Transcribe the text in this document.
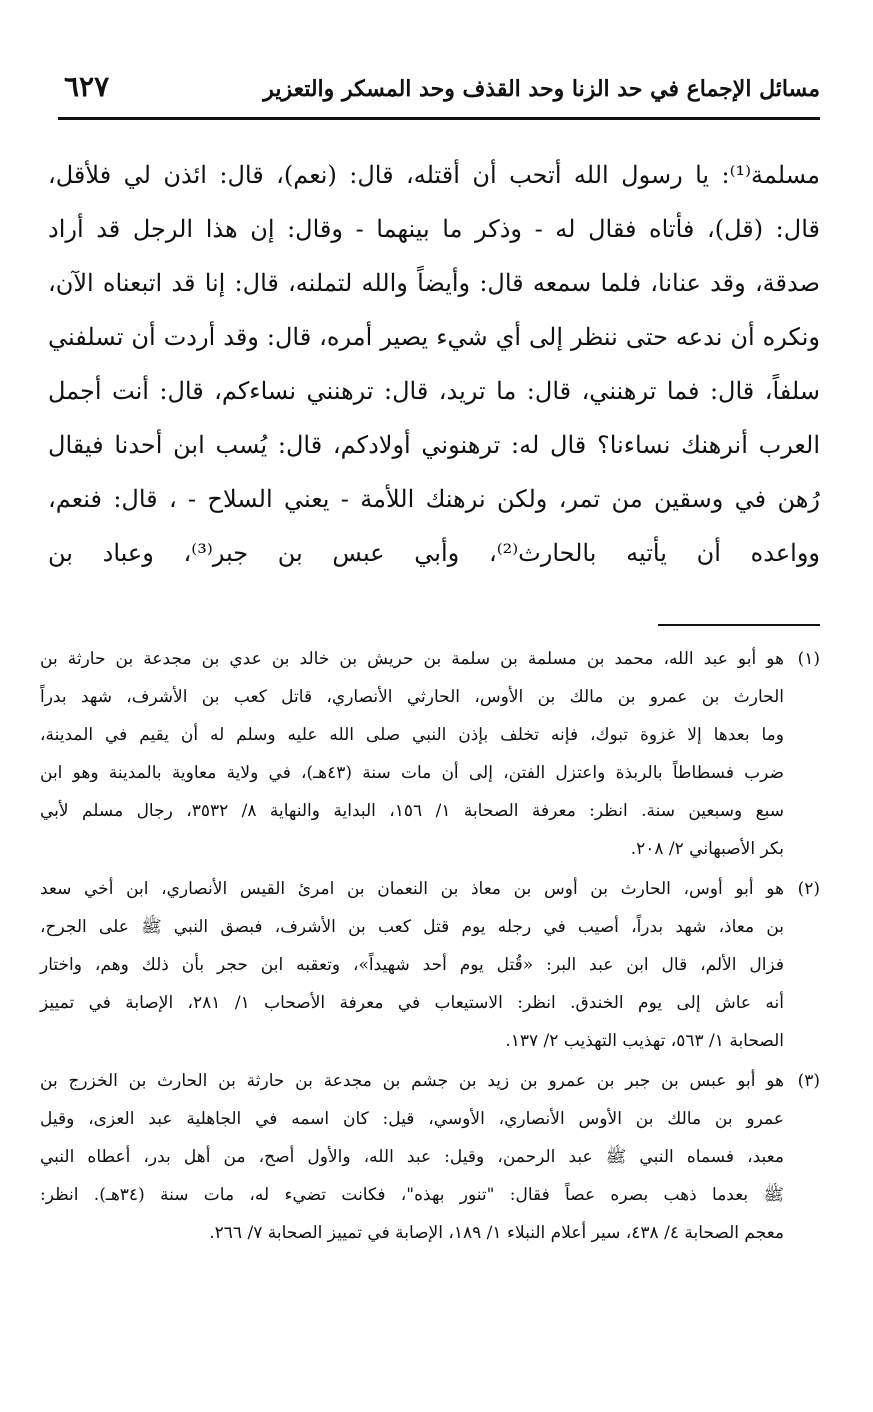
مسائل الإجماع في حد الزنا وحد القذف وحد المسكر والتعزير
٦٢٧
مسلمة⁽¹⁾: يا رسول الله أتحب أن أقتله، قال: (نعم)، قال: ائذن لي فلأقل،
قال: (قل)، فأتاه فقال له - وذكر ما بينهما - وقال: إن هذا الرجل قد أراد
صدقة، وقد عنانا، فلما سمعه قال: وأيضاً والله لتملنه، قال: إنا قد اتبعناه الآن،
ونكره أن ندعه حتى ننظر إلى أي شيء يصير أمره، قال: وقد أردت أن تسلفني
سلفاً، قال: فما ترهنني، قال: ما تريد، قال: ترهنني نساءكم، قال: أنت أجمل
العرب أنرهنك نساءنا؟ قال له: ترهنوني أولادكم، قال: يُسب ابن أحدنا فيقال
رُهن في وسقين من تمر، ولكن نرهنك اللأمة - يعني السلاح - ، قال: فنعم،
وواعده أن يأتيه بالحارث⁽²⁾، وأبي عبس بن جبر⁽³⁾، وعباد بن
(١)هو أبو عبد الله، محمد بن مسلمة بن سلمة بن حريش بن خالد بن عدي بن مجدعة بن حارثة بن
الحارث بن عمرو بن مالك بن الأوس، الحارثي الأنصاري، قاتل كعب بن الأشرف، شهد بدراً
وما بعدها إلا غزوة تبوك، فإنه تخلف بإذن النبي صلى الله عليه وسلم له أن يقيم في المدينة،
ضرب فسطاطاً بالربذة واعتزل الفتن، إلى أن مات سنة (٤٣هـ)، في ولاية معاوية بالمدينة وهو ابن
سبع وسبعين سنة. انظر: معرفة الصحابة ١/ ١٥٦، البداية والنهاية ٨/ ٣٥٣٢، رجال مسلم لأبي
بكر الأصبهاني ٢/ ٢٠٨.
(٢)هو أبو أوس، الحارث بن أوس بن معاذ بن النعمان بن امرئ القيس الأنصاري، ابن أخي سعد
بن معاذ، شهد بدراً، أصيب في رجله يوم قتل كعب بن الأشرف، فبصق النبي ﷺ على الجرح،
فزال الألم، قال ابن عبد البر: «قُتل يوم أحد شهيداً»، وتعقبه ابن حجر بأن ذلك وهم، واختار
أنه عاش إلى يوم الخندق. انظر: الاستيعاب في معرفة الأصحاب ١/ ٢٨١، الإصابة في تمييز
الصحابة ١/ ٥٦٣، تهذيب التهذيب ٢/ ١٣٧.
(٣)هو أبو عبس بن جبر بن عمرو بن زيد بن جشم بن مجدعة بن حارثة بن الحارث بن الخزرج بن
عمرو بن مالك بن الأوس الأنصاري، الأوسي، قيل: كان اسمه في الجاهلية عبد العزى، وقيل
معبد، فسماه النبي ﷺ عبد الرحمن، وقيل: عبد الله، والأول أصح، من أهل بدر، أعطاه النبي
ﷺ بعدما ذهب بصره عصاً فقال: "تنور بهذه"، فكانت تضيء له، مات سنة (٣٤هـ). انظر:
معجم الصحابة ٤/ ٤٣٨، سير أعلام النبلاء ١/ ١٨٩، الإصابة في تمييز الصحابة ٧/ ٢٦٦.
